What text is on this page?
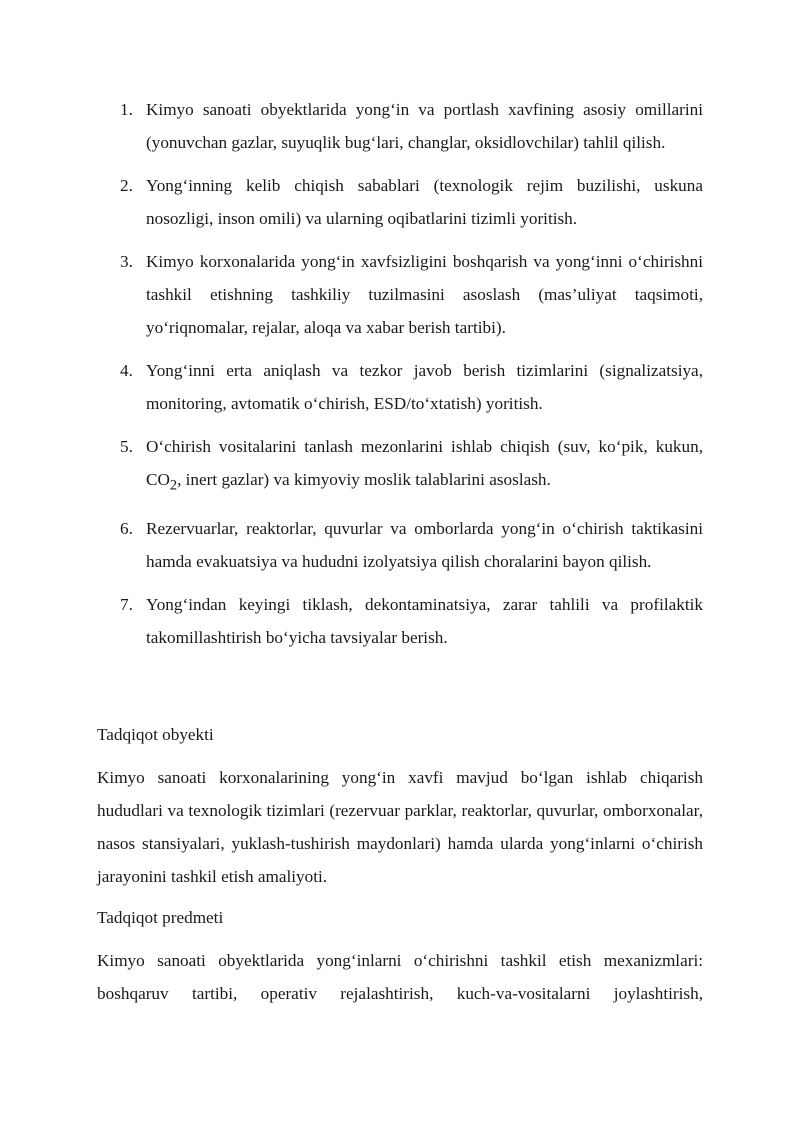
1. Kimyo sanoati obyektlarida yong‘in va portlash xavfining asosiy omillarini (yonuvchan gazlar, suyuqlik bug‘lari, changlar, oksidlovchilar) tahlil qilish.
2. Yong‘inning kelib chiqish sabablari (texnologik rejim buzilishi, uskuna nosozligi, inson omili) va ularning oqibatlarini tizimli yoritish.
3. Kimyo korxonalarida yong‘in xavfsizligini boshqarish va yong‘inni o‘chirishni tashkil etishning tashkiliy tuzilmasini asoslash (mas’uliyat taqsimoti, yo‘riqnomalar, rejalar, aloqa va xabar berish tartibi).
4. Yong‘inni erta aniqlash va tezkor javob berish tizimlarini (signalizatsiya, monitoring, avtomatik o‘chirish, ESD/to‘xtatish) yoritish.
5. O‘chirish vositalarini tanlash mezonlarini ishlab chiqish (suv, ko‘pik, kukun, $CO_2$, inert gazlar) va kimyoviy moslik talablarini asoslash.
6. Rezervuarlar, reaktorlar, quvurlar va omborlarda yong‘in o‘chirish taktikasini hamda evakuatsiya va hududni izolyatsiya qilish choralarini bayon qilish.
7. Yong‘indan keyingi tiklash, dekontaminatsiya, zarar tahlili va profilaktik takomillashtirish bo‘yicha tavsiyalar berish.
Tadqiqot obyekti
Kimyo sanoati korxonalarining yong‘in xavfi mavjud bo‘lgan ishlab chiqarish hududlari va texnologik tizimlari (rezervuar parklar, reaktorlar, quvurlar, omborxonalar, nasos stansiyalari, yuklash-tushirish maydonlari) hamda ularda yong‘inlarni o‘chirish jarayonini tashkil etish amaliyoti.
Tadqiqot predmeti
Kimyo sanoati obyektlarida yong‘inlarni o‘chirishni tashkil etish mexanizmlari: boshqaruv tartibi, operativ rejalashtirish, kuch-va-vositalarni joylashtirish,
